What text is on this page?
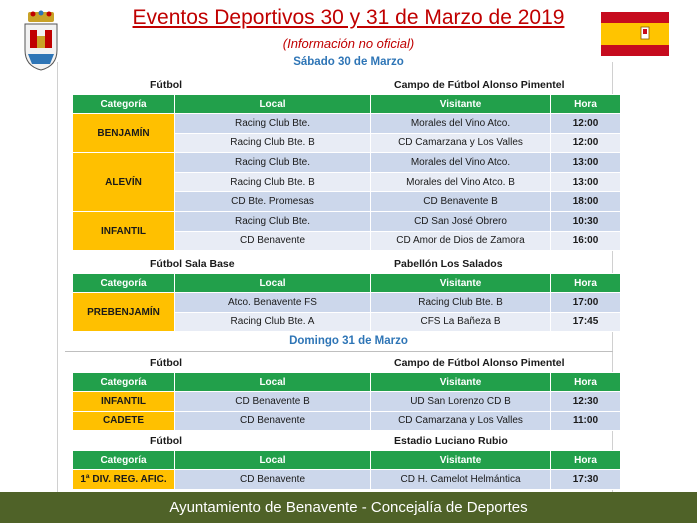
Eventos Deportivos 30 y 31 de Marzo de 2019
(Información no oficial)
Sábado 30 de Marzo
Fútbol	Campo de Fútbol Alonso Pimentel
Categoría	Local	Visitante	Hora
BENJAMÍN	Racing Club Bte.	Morales del Vino Atco.	12:00
	Racing Club Bte. B	CD Camarzana y Los Valles	12:00
ALEVÍN	Racing Club Bte.	Morales del Vino Atco.	13:00
	Racing Club Bte. B	Morales del Vino Atco. B	13:00
	CD Bte. Promesas	CD Benavente B	18:00
INFANTIL	Racing Club Bte.	CD San José Obrero	10:30
	CD Benavente	CD Amor de Dios de Zamora	16:00
Fútbol Sala Base	Pabellón Los Salados
Categoría	Local	Visitante	Hora
PREBENJAMÍN	Atco. Benavente FS	Racing Club Bte. B	17:00
	Racing Club Bte. A	CFS La Bañeza B	17:45
Domingo 31 de Marzo
Fútbol	Campo de Fútbol Alonso Pimentel
Categoría	Local	Visitante	Hora
INFANTIL	CD Benavente B	UD San Lorenzo CD B	12:30
CADETE	CD Benavente	CD Camarzana y Los Valles	11:00
Fútbol	Estadio Luciano Rubio
Categoría	Local	Visitante	Hora
1ª DIV. REG. AFIC.	CD Benavente	CD H. Camelot Helmántica	17:30
Ayuntamiento de Benavente - Concejalía de Deportes
